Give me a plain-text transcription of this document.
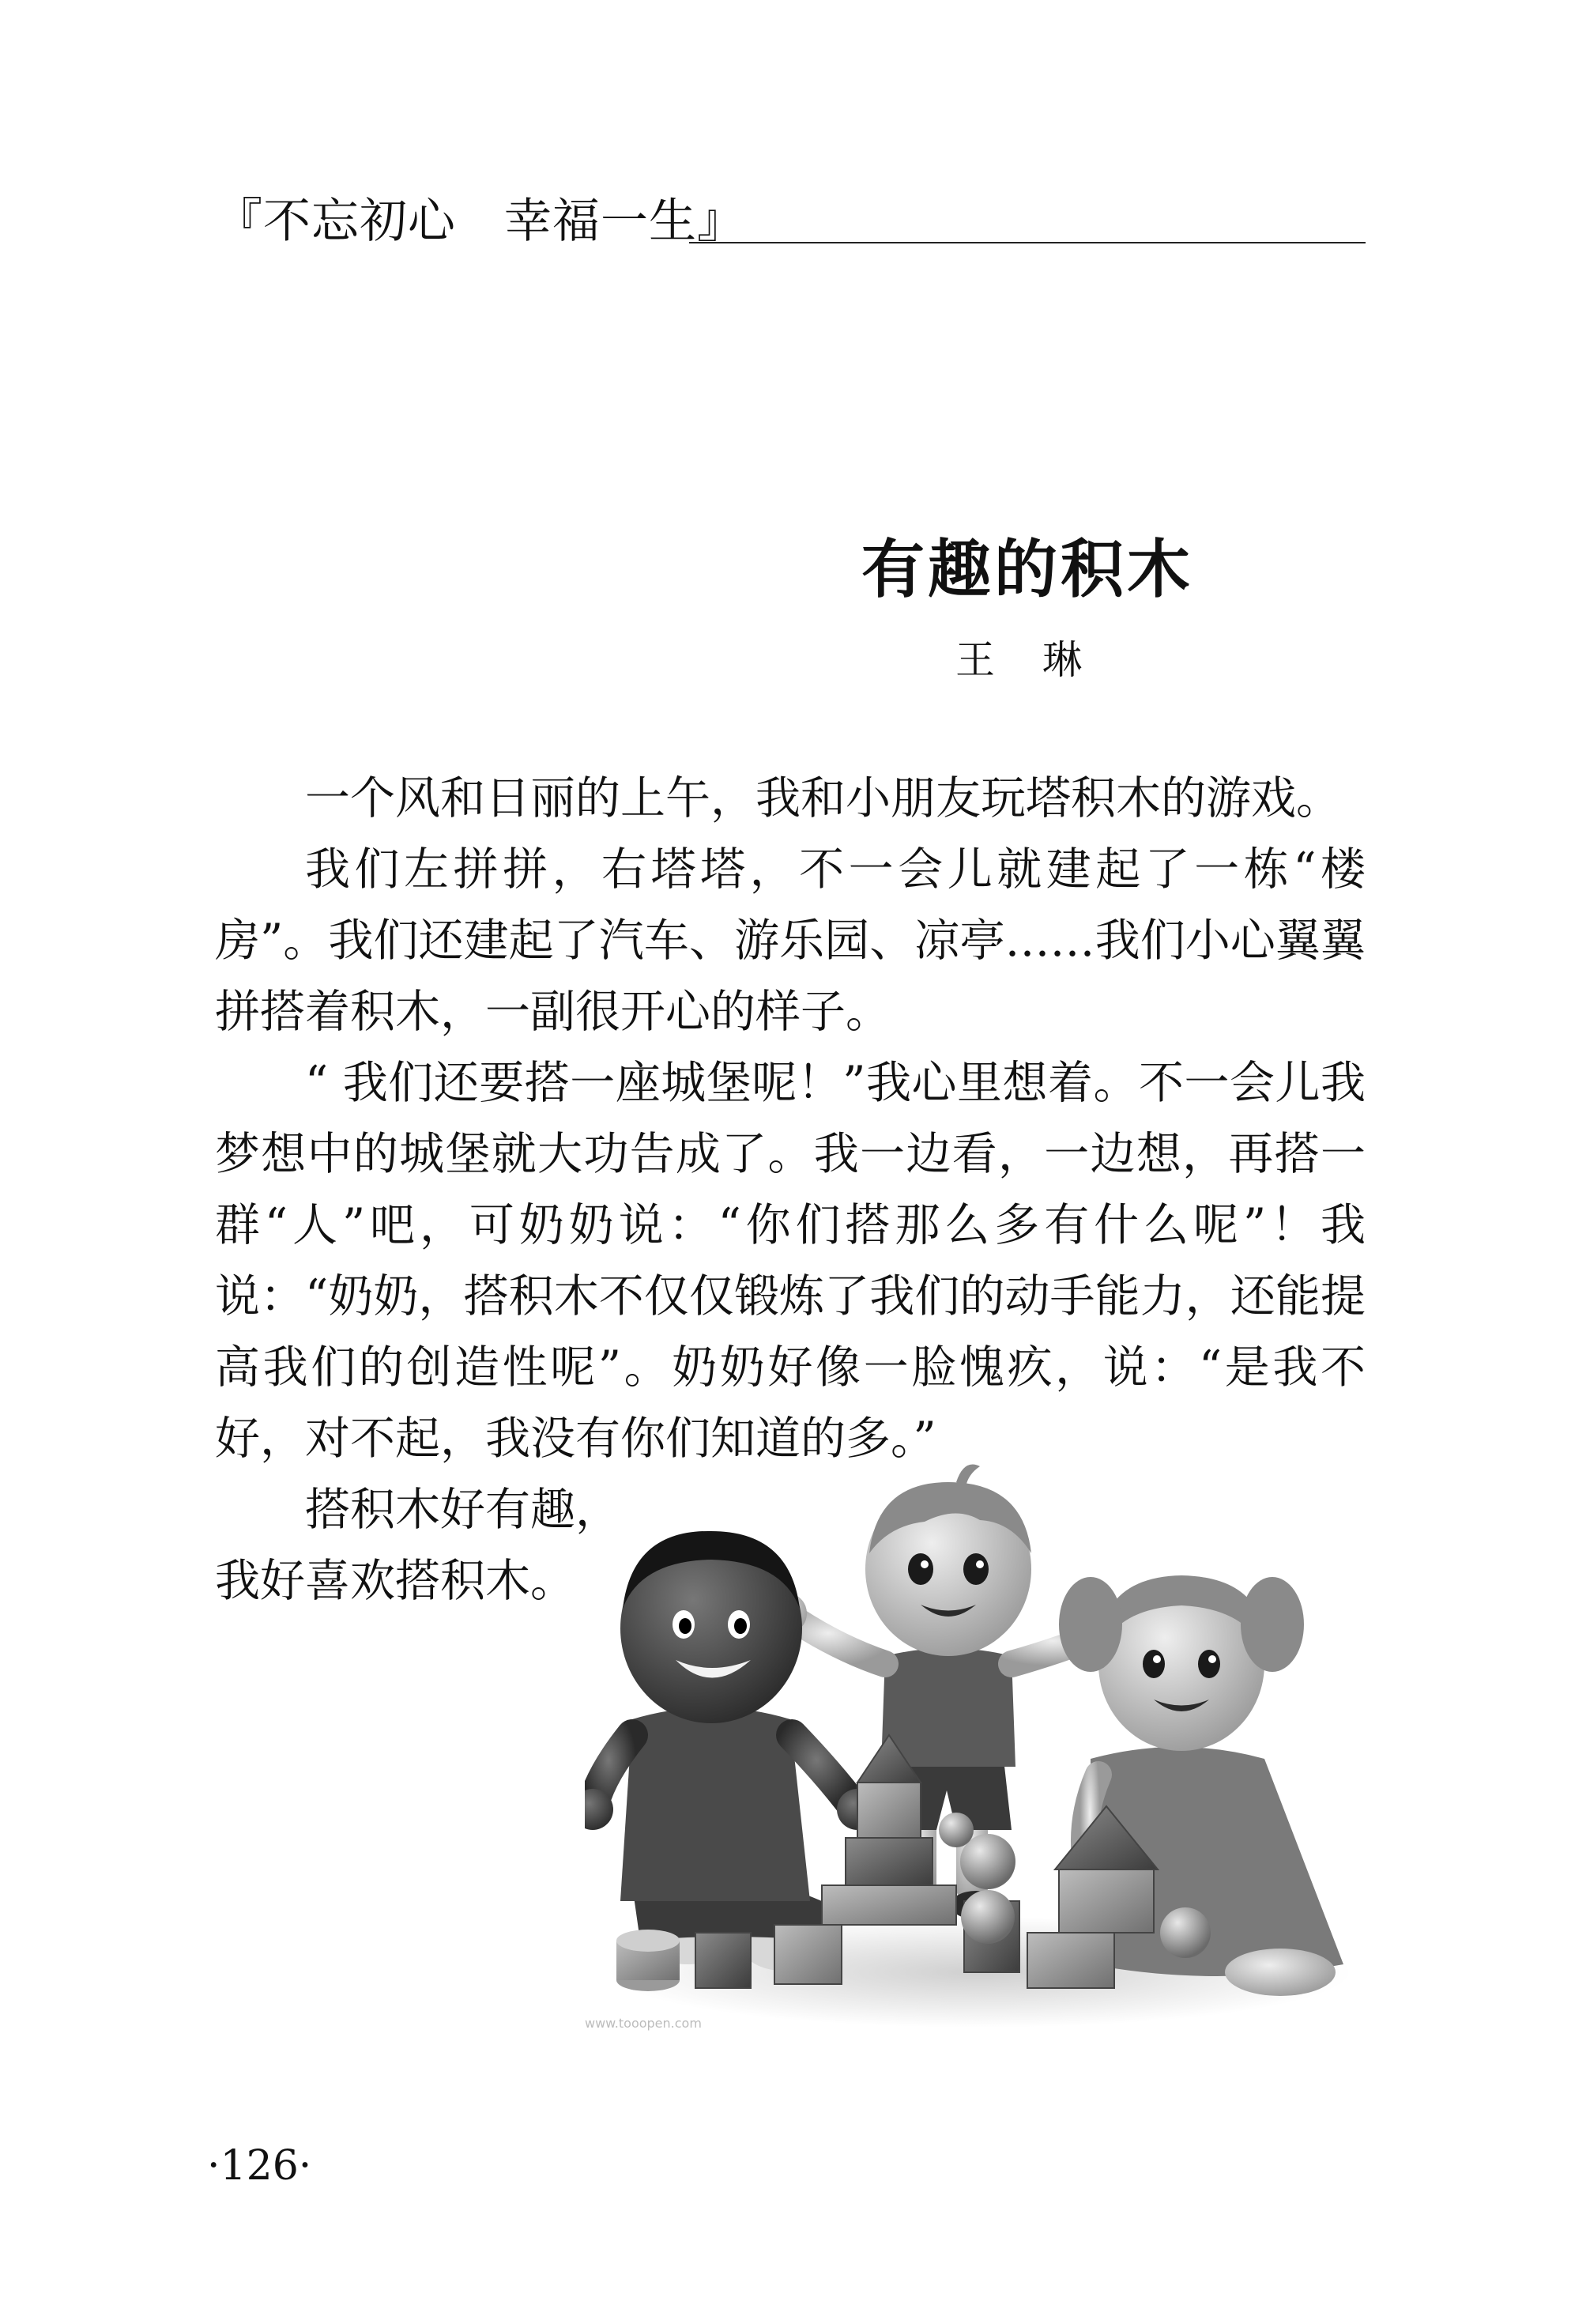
『不忘初心　幸福一生』
有趣的积木
王 琳

一个风和日丽的上午，我和小朋友玩塔积木的游戏。

我们左拼拼，右塔塔，不一会儿就建起了一栋“楼房”。我们还建起了汽车、游乐园、凉亭……我们小心翼翼拼搭着积木，一副很开心的样子。

“ 我们还要搭一座城堡呢！”我心里想着。不一会儿我梦想中的城堡就大功告成了。我一边看，一边想，再搭一群“人”吧，可奶奶说：“你们搭那么多有什么呢”！我说：“奶奶，搭积木不仅仅锻炼了我们的动手能力，还能提高我们的创造性呢”。奶奶好像一脸愧疚，说：“是我不好，对不起，我没有你们知道的多。”

搭积木好有趣，我好喜欢搭积木。

www.tooopen.com
·126·
